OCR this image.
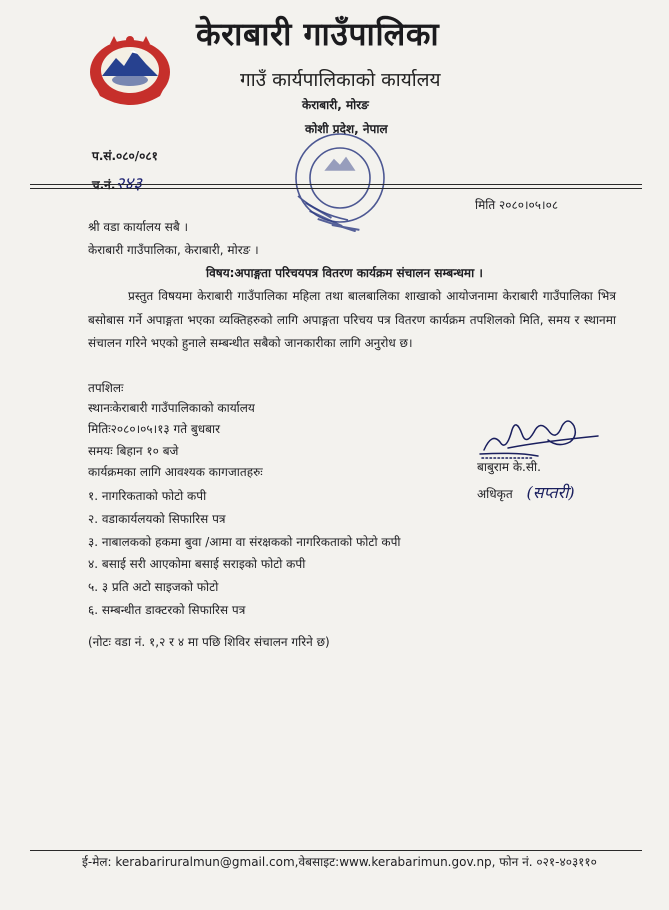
केराबारी गाउँपालिका
गाउँ कार्यपालिकाको कार्यालय
केराबारी, मोरङ
कोशी प्रदेश, नेपाल
प.सं.०८०/०८१
च.नं.२४३
मिति २०८०।०५।०८
श्री वडा कार्यालय सबै ।
केराबारी गाउँपालिका, केराबारी, मोरङ ।
विषय:अपाङ्गता परिचयपत्र वितरण कार्यक्रम संचालन सम्बन्धमा ।
प्रस्तुत विषयमा केराबारी गाउँपालिका महिला तथा बालबालिका शाखाको आयोजनामा केराबारी गाउँपालिका भित्र बसोबास गर्ने अपाङ्गता भएका व्यक्तिहरुको लागि अपाङ्गता परिचय पत्र वितरण कार्यक्रम तपशिलको मिति, समय र स्थानमा संचालन गरिने भएको हुनाले सम्बन्धीत सबैको जानकारीका लागि अनुरोध छ।
तपशिलः
स्थानःकेराबारी गाउँपालिकाको कार्यालय
मितिः२०८०।०५।१३ गते बुधबार
समयः बिहान १० बजे
कार्यक्रमका लागि आवश्यक कागजातहरुः
१. नागरिकताको फोटो कपी
२. वडाकार्यलयको सिफारिस पत्र
३. नाबालकको हकमा बुवा /आमा वा संरक्षकको नागरिकताको फोटो कपी
४. बसाई सरी आएकोमा बसाई सराइको फोटो कपी
५. ३ प्रति अटो साइजको फोटो
६. सम्बन्धीत डाक्टरको सिफारिस पत्र
(नोटः वडा नं. १,२ र ४ मा पछि शिविर संचालन गरिने छ)
बाबुराम के.सी.
अधिकृत (सप्तरी)
ई-मेल: kerabariruralmun@gmail.com,वेबसाइट:www.kerabarimun.gov.np, फोन नं. ०२१-४०३११०
